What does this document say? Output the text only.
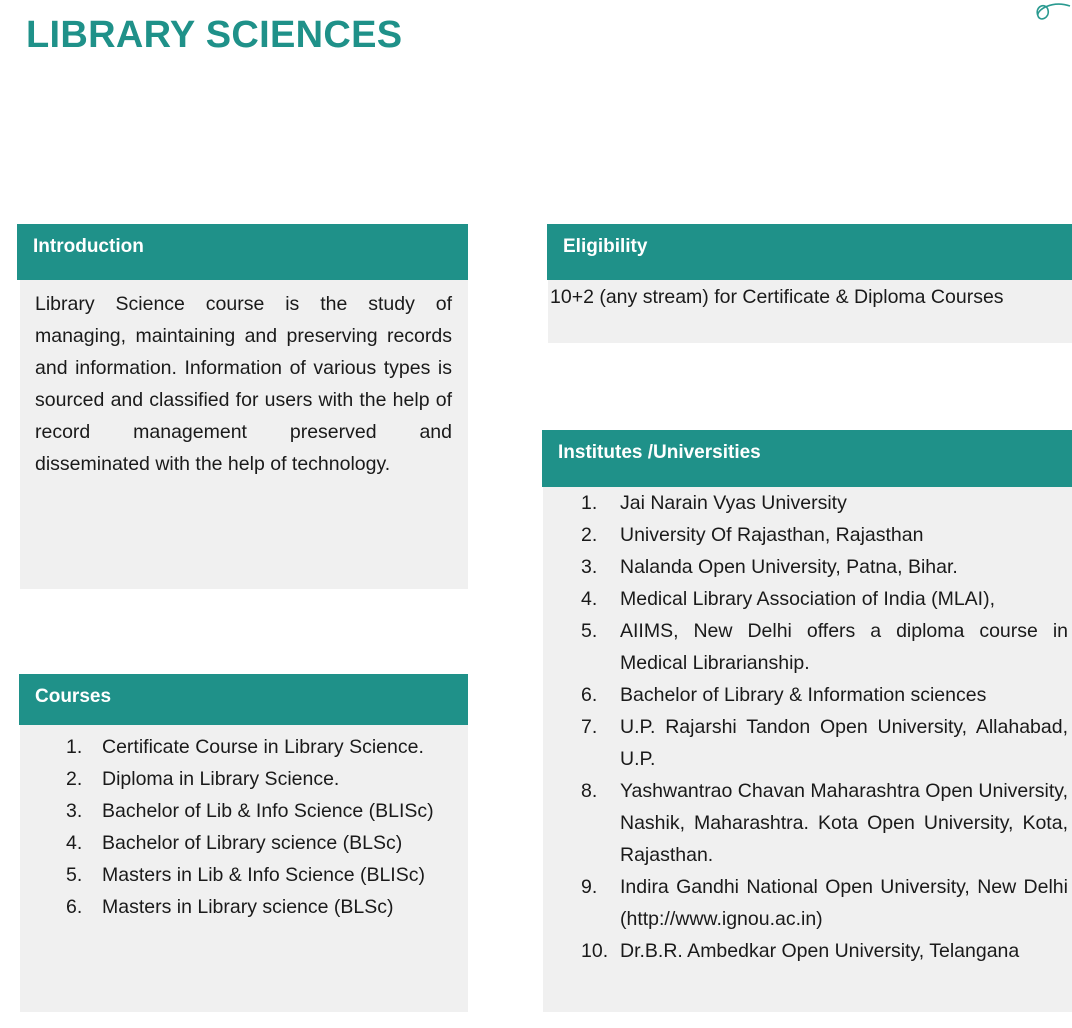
LIBRARY SCIENCES
Introduction

Library Science course is the study of managing, maintaining and preserving records and information. Information of various types is sourced and classified for users with the help of record management preserved and disseminated with the help of technology.

Eligibility
10+2 (any stream) for Certificate & Diploma Courses
Institutes /Universities
1. Jai Narain Vyas University
2. University Of Rajasthan, Rajasthan
3. Nalanda Open University, Patna, Bihar.
4. Medical Library Association of India (MLAI),
5. AIIMS, New Delhi offers a diploma course in Medical Librarianship.
6. Bachelor of Library & Information sciences
7. U.P. Rajarshi Tandon Open University, Allahabad, U.P.
8. Yashwantrao Chavan Maharashtra Open University, Nashik, Maharashtra. Kota Open University, Kota, Rajasthan.
9. Indira Gandhi National Open University, New Delhi (http://www.ignou.ac.in)
10. Dr.B.R. Ambedkar Open University, Telangana
Courses
1. Certificate Course in Library Science.
2. Diploma in Library Science.
3. Bachelor of Lib & Info Science (BLISc)
4. Bachelor of Library science (BLSc)
5. Masters in Lib & Info Science (BLISc)
6. Masters in Library science (BLSc)
